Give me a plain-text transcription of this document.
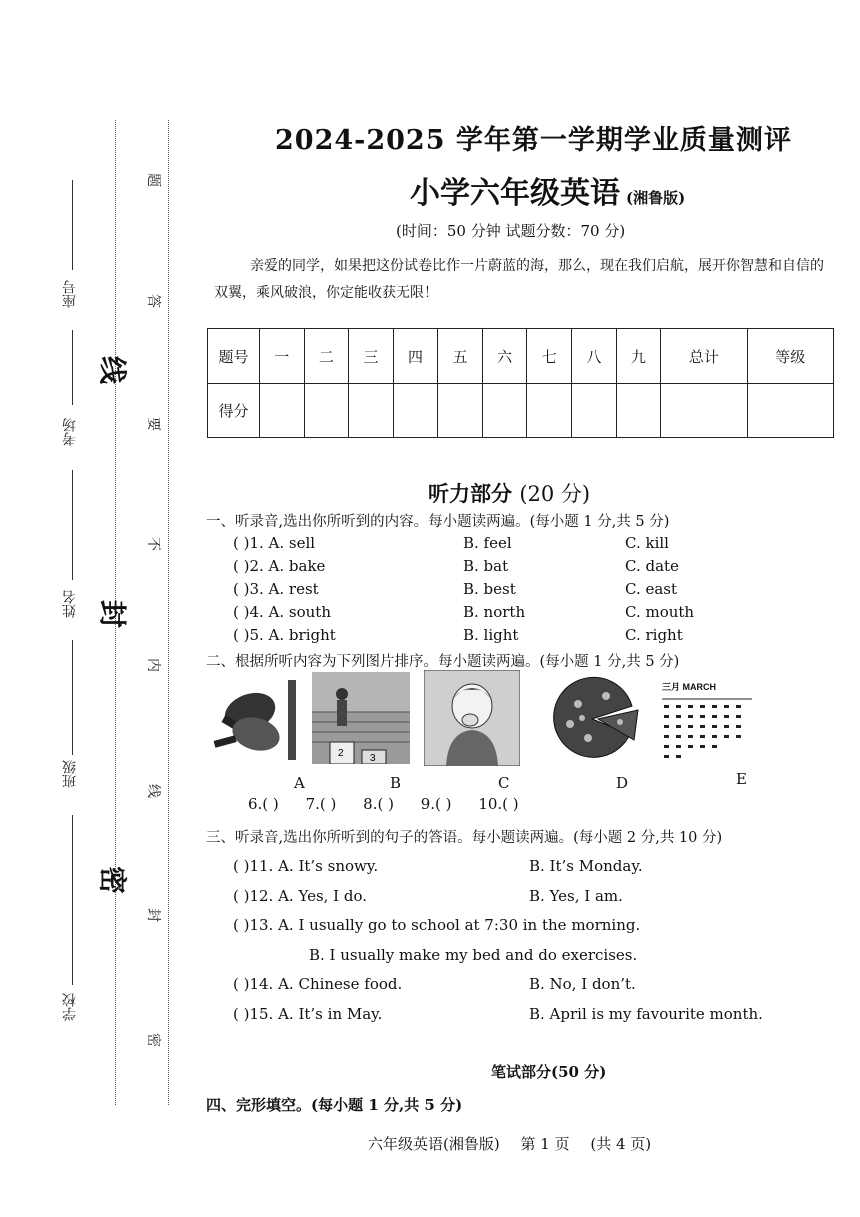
座号
考场
姓名
班级
学校
线
封
密
题
答
要
不
内
线
封
密
2024-2025 学年第一学期学业质量测评
小学六年级英语 (湘鲁版)
(时间：50 分钟 试题分数：70 分)
亲爱的同学，如果把这份试卷比作一片蔚蓝的海，那么，现在我们启航，展开你智慧和自信的双翼，乘风破浪，你定能收获无限！
题号	一	二	三	四	五	六	七	八	九	总计	等级
得分											
听力部分 (20 分)
一、听录音,选出你所听到的内容。每小题读两遍。(每小题 1 分,共 5 分)
( )1. A. sell	B. feel	C. kill
( )2. A. bake	B. bat	C. date
( )3. A. rest	B. best	C. east
( )4. A. south	B. north	C. mouth
( )5. A. bright	B. light	C. right
二、根据所听内容为下列图片排序。每小题读两遍。(每小题 1 分,共 5 分)
2	3
三月 MARCH
A	B	C	D	E
6.( ) 7.( ) 8.( ) 9.( ) 10.( )
三、听录音,选出你所听到的句子的答语。每小题读两遍。(每小题 2 分,共 10 分)
( )11. A. It’s snowy.	B. It’s Monday.
( )12. A. Yes, I do.	B. Yes, I am.
( )13. A. I usually go to school at 7:30 in the morning.
B. I usually make my bed and do exercises.
( )14. A. Chinese food.	B. No, I don’t.
( )15. A. It’s in May.	B. April is my favourite month.
笔试部分(50 分)
四、完形填空。(每小题 1 分,共 5 分)
六年级英语(湘鲁版) 第 1 页 (共 4 页)
